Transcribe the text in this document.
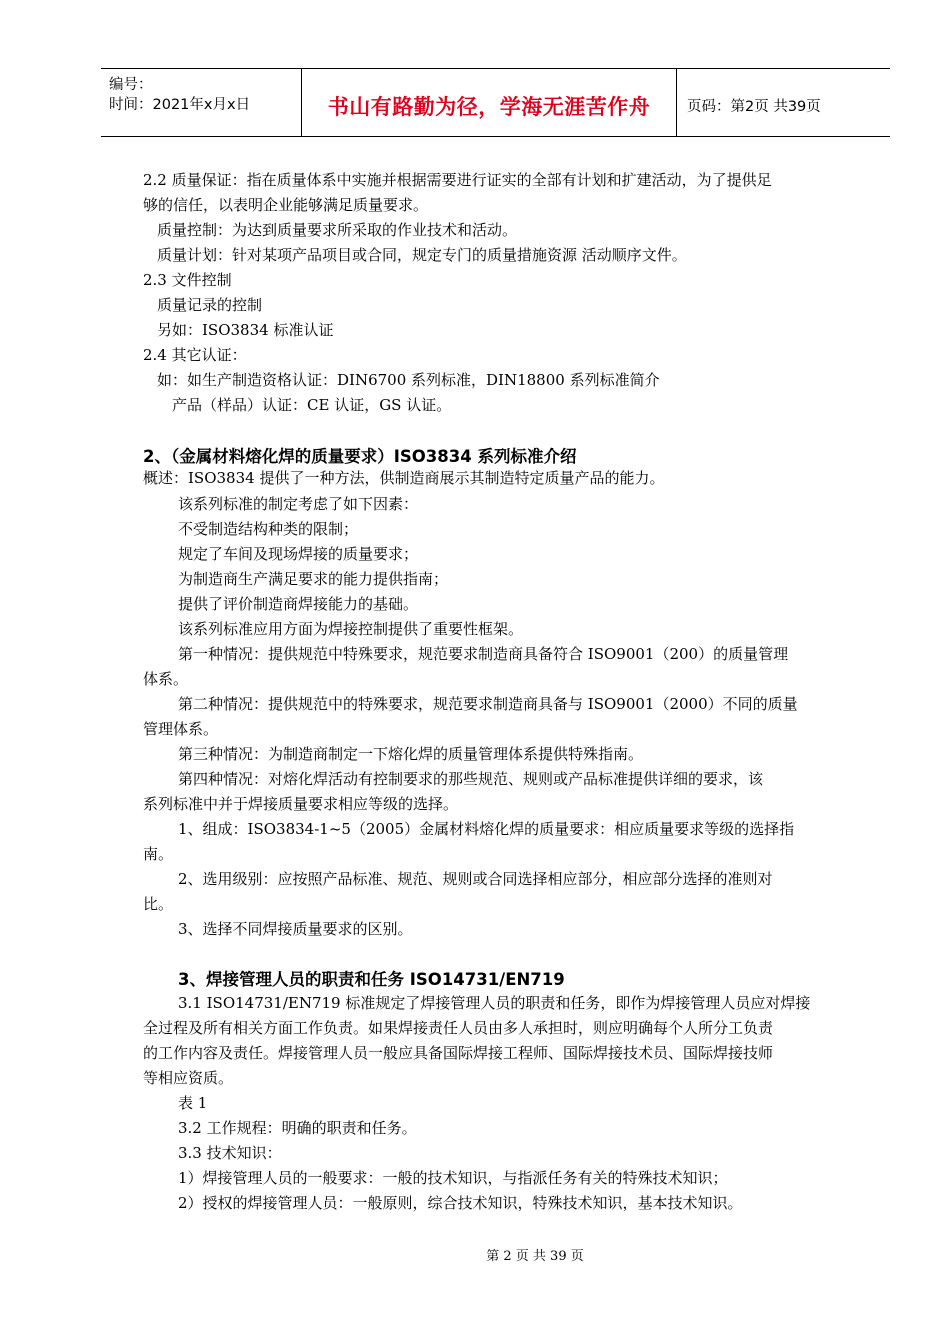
编号：
时间：2021年x月x日	书山有路勤为径，学海无涯苦作舟	页码：第2页 共39页
2.2 质量保证：指在质量体系中实施并根据需要进行证实的全部有计划和扩建活动，为了提供足
够的信任，以表明企业能够满足质量要求。
质量控制：为达到质量要求所采取的作业技术和活动。
质量计划：针对某项产品项目或合同，规定专门的质量措施资源 活动顺序文件。
2.3 文件控制
质量记录的控制
另如：ISO3834 标准认证
2.4 其它认证：
如：如生产制造资格认证：DIN6700 系列标准，DIN18800 系列标准简介
产品（样品）认证：CE 认证，GS 认证。
2、（金属材料熔化焊的质量要求）ISO3834 系列标准介绍
概述：ISO3834 提供了一种方法，供制造商展示其制造特定质量产品的能力。
该系列标准的制定考虑了如下因素：
不受制造结构种类的限制；
规定了车间及现场焊接的质量要求；
为制造商生产满足要求的能力提供指南；
提供了评价制造商焊接能力的基础。
该系列标准应用方面为焊接控制提供了重要性框架。
第一种情况：提供规范中特殊要求，规范要求制造商具备符合 ISO9001（200）的质量管理
体系。
第二种情况：提供规范中的特殊要求，规范要求制造商具备与 ISO9001（2000）不同的质量
管理体系。
第三种情况：为制造商制定一下熔化焊的质量管理体系提供特殊指南。
第四种情况：对熔化焊活动有控制要求的那些规范、规则或产品标准提供详细的要求，该
系列标准中并于焊接质量要求相应等级的选择。
1、组成：ISO3834-1~5（2005）金属材料熔化焊的质量要求：相应质量要求等级的选择指
南。
2、选用级别：应按照产品标准、规范、规则或合同选择相应部分，相应部分选择的准则对
比。
3、选择不同焊接质量要求的区别。
3、焊接管理人员的职责和任务 ISO14731/EN719
3.1 ISO14731/EN719 标准规定了焊接管理人员的职责和任务，即作为焊接管理人员应对焊接
全过程及所有相关方面工作负责。如果焊接责任人员由多人承担时，则应明确每个人所分工负责
的工作内容及责任。焊接管理人员一般应具备国际焊接工程师、国际焊接技术员、国际焊接技师
等相应资质。
表 1
3.2 工作规程：明确的职责和任务。
3.3 技术知识：
1）焊接管理人员的一般要求：一般的技术知识，与指派任务有关的特殊技术知识；
2）授权的焊接管理人员：一般原则，综合技术知识，特殊技术知识，基本技术知识。
第 2 页 共 39 页
